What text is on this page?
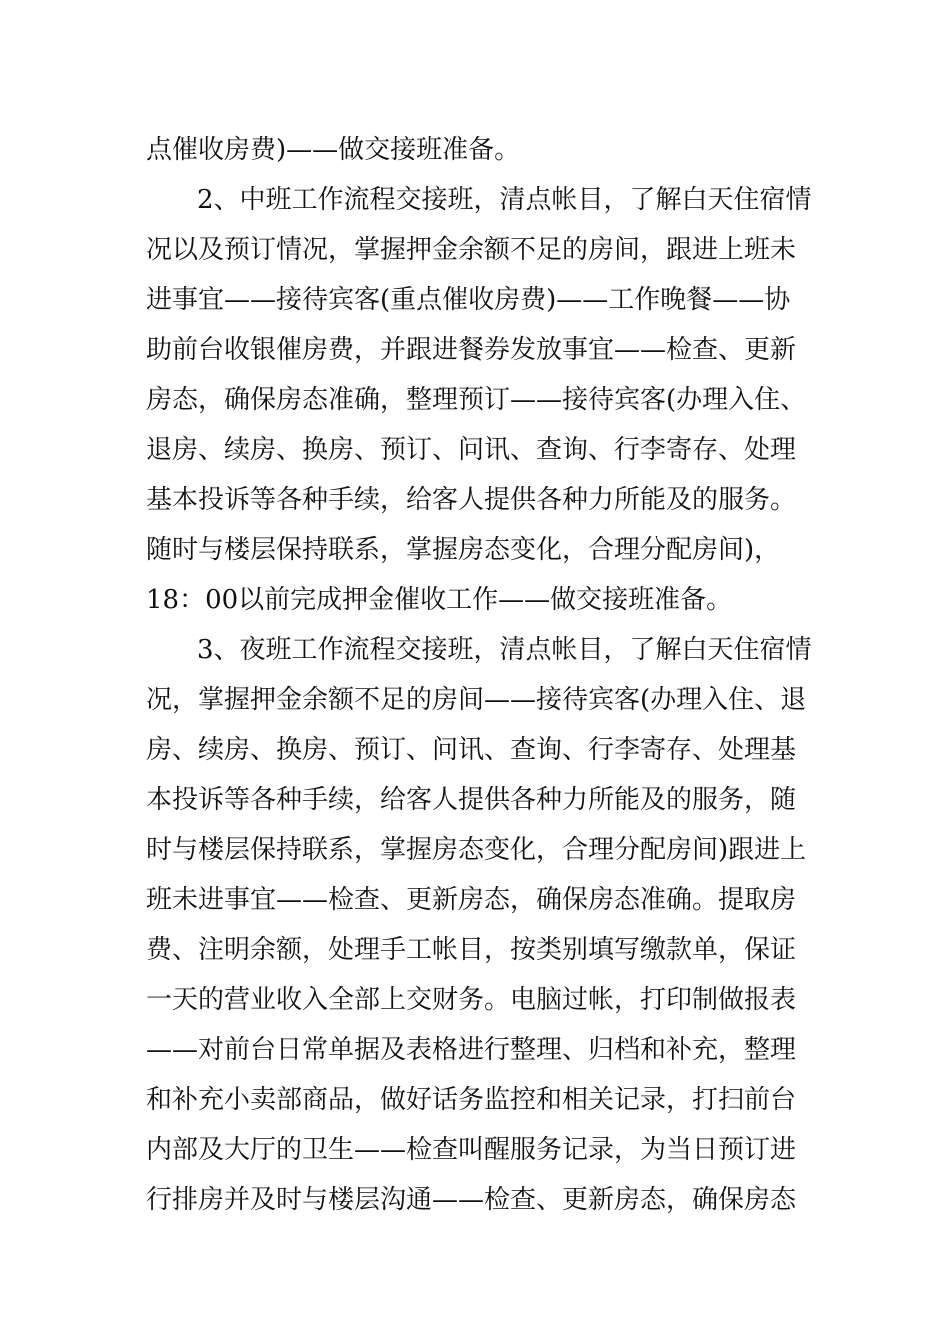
点催收房费)——做交接班准备。
2、中班工作流程交接班，清点帐目，了解白天住宿情
况以及预订情况，掌握押金余额不足的房间，跟进上班未
进事宜——接待宾客(重点催收房费)——工作晚餐——协
助前台收银催房费，并跟进餐券发放事宜——检查、更新
房态，确保房态准确，整理预订——接待宾客(办理入住、
退房、续房、换房、预订、问讯、查询、行李寄存、处理
基本投诉等各种手续，给客人提供各种力所能及的服务。
随时与楼层保持联系，掌握房态变化，合理分配房间)，
18：00以前完成押金催收工作——做交接班准备。
3、夜班工作流程交接班，清点帐目，了解白天住宿情
况，掌握押金余额不足的房间——接待宾客(办理入住、退
房、续房、换房、预订、问讯、查询、行李寄存、处理基
本投诉等各种手续，给客人提供各种力所能及的服务，随
时与楼层保持联系，掌握房态变化，合理分配房间)跟进上
班未进事宜——检查、更新房态，确保房态准确。提取房
费、注明余额，处理手工帐目，按类别填写缴款单，保证
一天的营业收入全部上交财务。电脑过帐，打印制做报表
——对前台日常单据及表格进行整理、归档和补充，整理
和补充小卖部商品，做好话务监控和相关记录，打扫前台
内部及大厅的卫生——检查叫醒服务记录，为当日预订进
行排房并及时与楼层沟通——检查、更新房态，确保房态
